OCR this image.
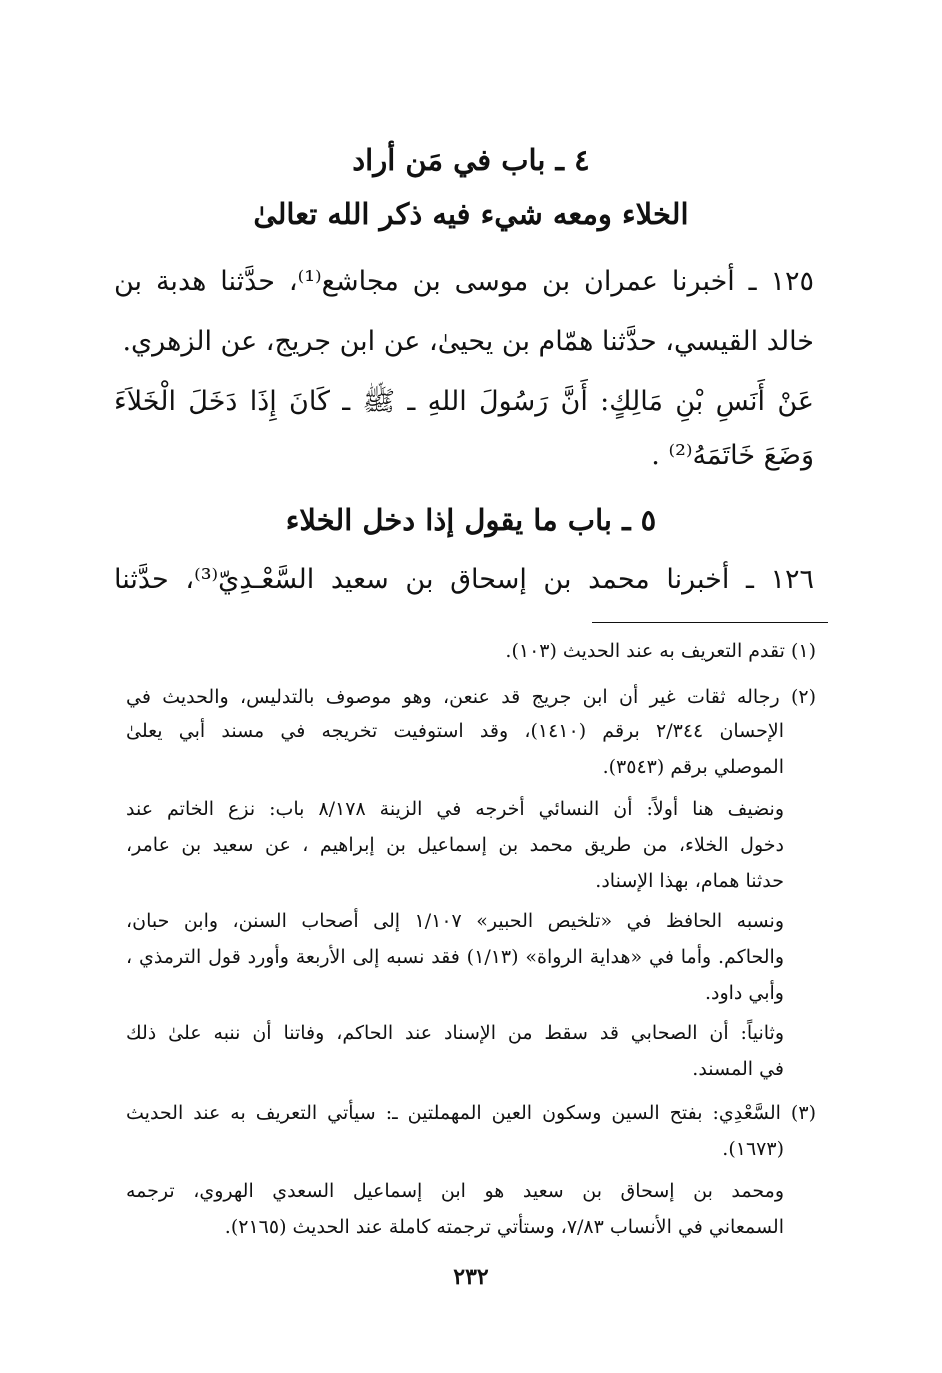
٤ ـ باب في مَن أراد
الخلاء ومعه شيء فيه ذكر الله تعالىٰ
١٢٥ ـ أخبرنا عمران بن موسى بن مجاشع⁽¹⁾، حدَّثنا هدبة بن
خالد القيسي، حدَّثنا همّام بن يحيىٰ، عن ابن جريج، عن الزهري.
عَنْ أَنَسِ بْنِ مَالِكٍ: أَنَّ رَسُولَ اللهِ ـ ﷺ ـ كَانَ إِذَا دَخَلَ الْخَلاَءَ
وَضَعَ خَاتَمَهُ⁽²⁾ .
٥ ـ باب ما يقول إذا دخل الخلاء
١٢٦ ـ أخبرنا محمد بن إسحاق بن سعيد السَّعْـدِيّ⁽³⁾، حدَّثنا
(١) تقدم التعريف به عند الحديث (١٠٣).
(٢) رجاله ثقات غير أن ابن جريج قد عنعن، وهو موصوف بالتدليس، والحديث في
الإحسان ٢/٣٤٤ برقم (١٤١٠)، وقد استوفيت تخريجه في مسند أبي يعلىٰ
الموصلي برقم (٣٥٤٣).
ونضيف هنا أولاً: أن النسائي أخرجه في الزينة ٨/١٧٨ باب: نزع الخاتم عند
دخول الخلاء، من طريق محمد بن إسماعيل بن إبراهيم ، عن سعيد بن عامر،
حدثنا همام، بهذا الإسناد.
ونسبه الحافظ في «تلخيص الحبير» ١/١٠٧ إلى أصحاب السنن، وابن حبان،
والحاكم. وأما في «هداية الرواة» (١/١٣) فقد نسبه إلى الأربعة وأورد قول الترمذي ،
وأبي داود.
وثانياً: أن الصحابي قد سقط من الإسناد عند الحاكم، وفاتنا أن ننبه علىٰ ذلك
في المسند.
(٣) السَّعْدِي: بفتح السين وسكون العين المهملتين ـ: سيأتي التعريف به عند الحديث
(١٦٧٣).
ومحمد بن إسحاق بن سعيد هو ابن إسماعيل السعدي الهروي، ترجمه
السمعاني في الأنساب ٧/٨٣، وستأتي ترجمته كاملة عند الحديث (٢١٦٥).
٢٣٢
